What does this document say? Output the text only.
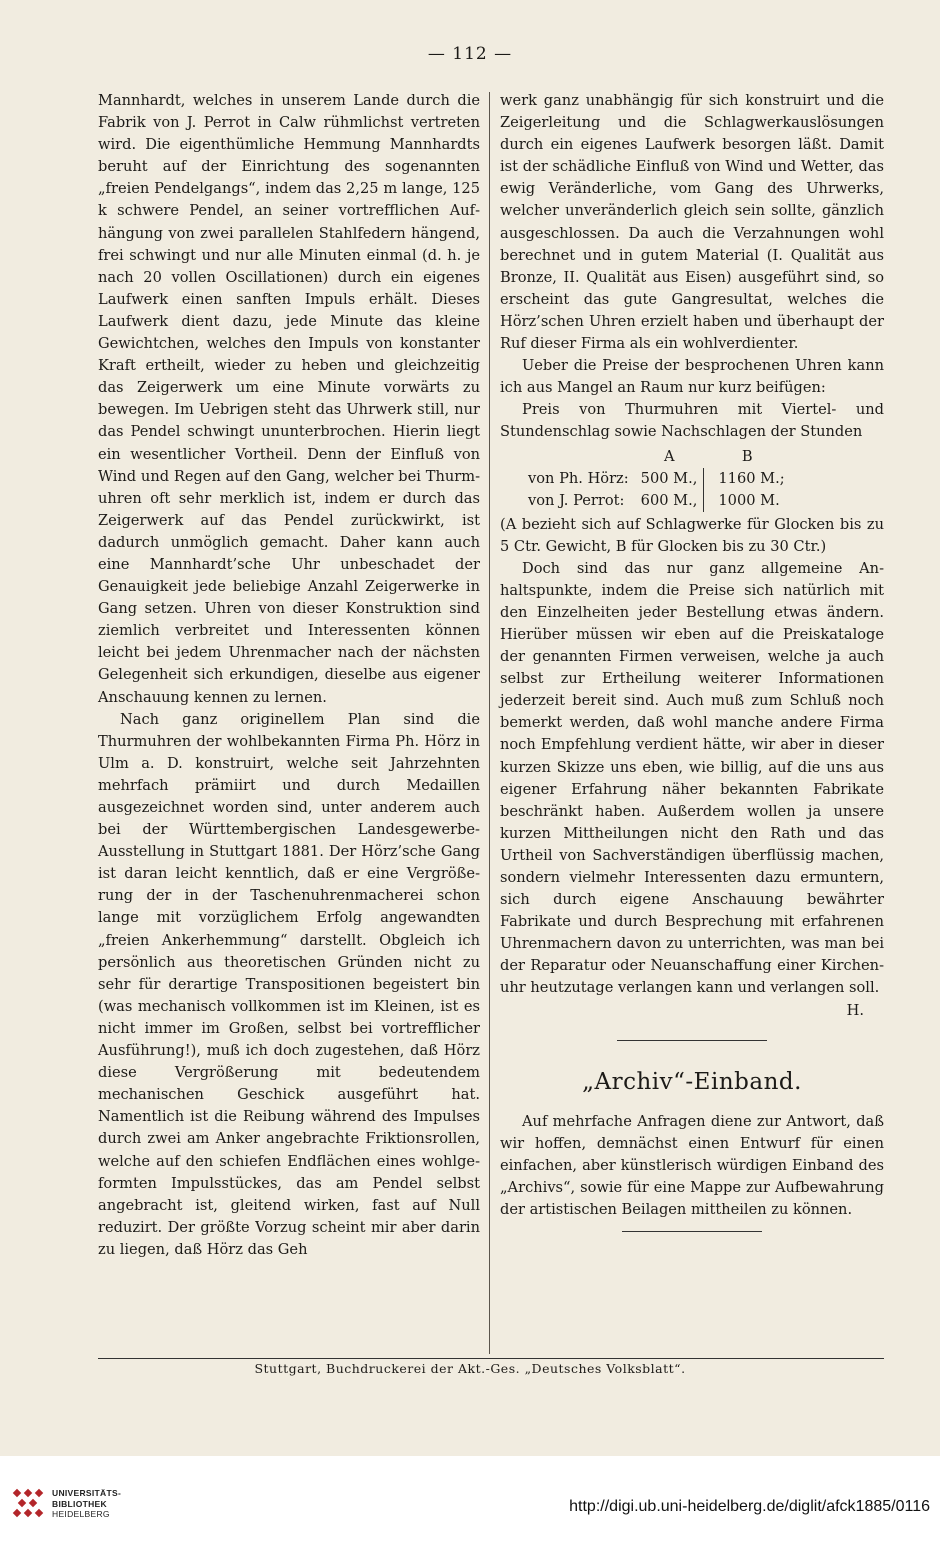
— 112 —

Mannhardt, welches in unserem Lande durch die Fabrik von J. Perrot in Calw rühmlichst vertreten wird. Die eigenthümliche Hemmung Mannhardts beruht auf der Einrichtung des sogenannten „freien Pendelgangs“, indem das 2,25 m lange, 125 k schwere Pendel, an seiner vortrefflichen Aufhängung von zwei parallelen Stahlfedern hängend, frei schwingt und nur alle Minuten einmal (d. h. je nach 20 vollen Oscillationen) durch ein eigenes Laufwerk einen sanften Impuls erhält. Dieses Laufwerk dient dazu, jede Minute das kleine Gewichtchen, welches den Impuls von konstanter Kraft ertheilt, wieder zu heben und gleichzeitig das Zeigerwerk um eine Minute vorwärts zu bewegen. Im Uebrigen steht das Uhrwerk still, nur das Pendel schwingt ununterbrochen. Hierin liegt ein wesentlicher Vortheil. Denn der Einfluß von Wind und Regen auf den Gang, welcher bei Thurmuhren oft sehr merklich ist, indem er durch das Zeigerwerk auf das Pendel zurückwirkt, ist dadurch unmöglich gemacht. Daher kann auch eine Mannhardt’sche Uhr unbeschadet der Genauigkeit jede beliebige Anzahl Zeigerwerke in Gang setzen. Uhren von dieser Konstruktion sind ziemlich verbreitet und Interessenten können leicht bei jedem Uhrenmacher nach der nächsten Gelegenheit sich erkundigen, dieselbe aus eigener Anschauung kennen zu lernen.

Nach ganz originellem Plan sind die Thurmuhren der wohlbekannten Firma Ph. Hörz in Ulm a. D. konstruirt, welche seit Jahrzehnten mehrfach prämiirt und durch Medaillen ausgezeichnet worden sind, unter anderem auch bei der Württembergischen Landesgewerbe-Ausstellung in Stuttgart 1881. Der Hörz’sche Gang ist daran leicht kenntlich, daß er eine Vergrößerung der in der Taschenuhrenmacherei schon lange mit vorzüglichem Erfolg angewandten „freien Ankerhemmung“ darstellt. Obgleich ich persönlich aus theoretischen Gründen nicht zu sehr für derartige Transpositionen begeistert bin (was mechanisch vollkommen ist im Kleinen, ist es nicht immer im Großen, selbst bei vortrefflicher Ausführung!), muß ich doch zugestehen, daß Hörz diese Vergrößerung mit bedeutendem mechanischen Geschick ausgeführt hat. Namentlich ist die Reibung während des Impulses durch zwei am Anker angebrachte Friktionsrollen, welche auf den schiefen Endflächen eines wohlgeformten Impulsstückes, das am Pendel selbst angebracht ist, gleitend wirken, fast auf Null reduzirt. Der größte Vorzug scheint mir aber darin zu liegen, daß Hörz das Geh

werk ganz unabhängig für sich konstruirt und die Zeigerleitung und die Schlagwerkauslösungen durch ein eigenes Laufwerk besorgen läßt. Damit ist der schädliche Einfluß von Wind und Wetter, das ewig Veränderliche, vom Gang des Uhrwerks, welcher unveränderlich gleich sein sollte, gänzlich ausgeschlossen. Da auch die Verzahnungen wohl berechnet und in gutem Material (I. Qualität aus Bronze, II. Qualität aus Eisen) ausgeführt sind, so erscheint das gute Gangresultat, welches die Hörz’schen Uhren erzielt haben und überhaupt der Ruf dieser Firma als ein wohlverdienter.

Ueber die Preise der besprochenen Uhren kann ich aus Mangel an Raum nur kurz beifügen:

Preis von Thurmuhren mit Viertel- und Stundenschlag sowie Nachschlagen der Stunden

	A	B
von Ph. Hörz:	500 M.,	1160 M.;
von J. Perrot:	600 M.,	1000 M.

(A bezieht sich auf Schlagwerke für Glocken bis zu 5 Ctr. Gewicht, B für Glocken bis zu 30 Ctr.)

Doch sind das nur ganz allgemeine Anhaltspunkte, indem die Preise sich natürlich mit den Einzelheiten jeder Bestellung etwas ändern. Hierüber müssen wir eben auf die Preiskataloge der genannten Firmen verweisen, welche ja auch selbst zur Ertheilung weiterer Informationen jederzeit bereit sind. Auch muß zum Schluß noch bemerkt werden, daß wohl manche andere Firma noch Empfehlung verdient hätte, wir aber in dieser kurzen Skizze uns eben, wie billig, auf die uns aus eigener Erfahrung näher bekannten Fabrikate beschränkt haben. Außerdem wollen ja unsere kurzen Mittheilungen nicht den Rath und das Urtheil von Sachverständigen überflüssig machen, sondern vielmehr Interessenten dazu ermuntern, sich durch eigene Anschauung bewährter Fabrikate und durch Besprechung mit erfahrenen Uhrenmachern davon zu unterrichten, was man bei der Reparatur oder Neuanschaffung einer Kirchenuhr heutzutage verlangen kann und verlangen soll.

H.

„Archiv“-Einband.

Auf mehrfache Anfragen diene zur Antwort, daß wir hoffen, demnächst einen Entwurf für einen einfachen, aber künstlerisch würdigen Einband des „Archivs“, sowie für eine Mappe zur Aufbewahrung der artistischen Beilagen mittheilen zu können.

Stuttgart, Buchdruckerei der Akt.-Ges. „Deutsches Volksblatt“.
UNIVERSITÄTS-
BIBLIOTHEK
HEIDELBERG	http://digi.ub.uni-heidelberg.de/diglit/afck1885/0116
